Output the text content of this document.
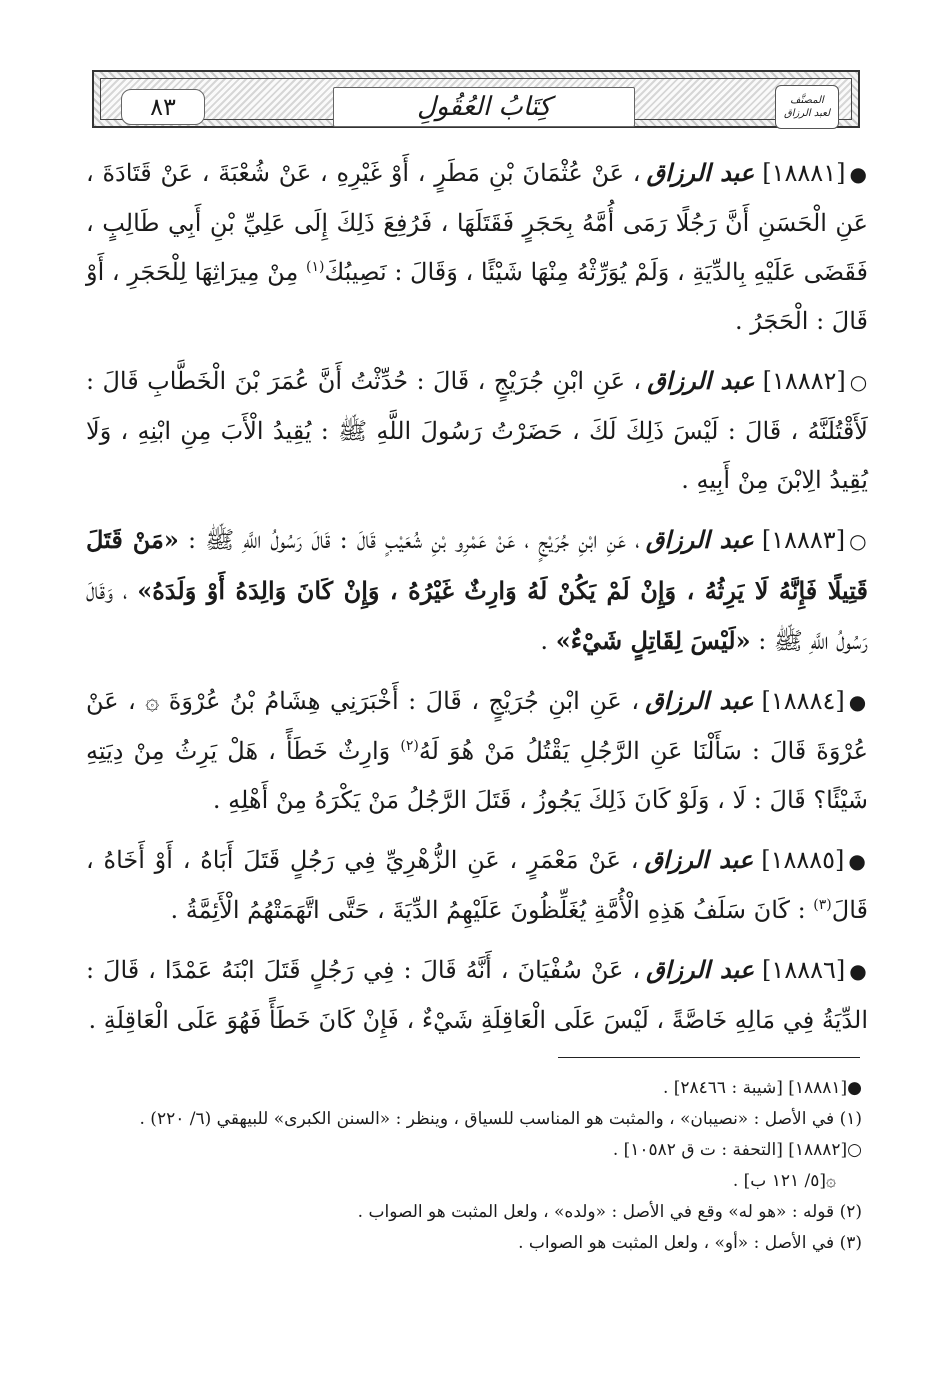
٨٣	كِتَابُ العُقُولِ	المصنَّف
لعبد الرزاق

●[١٨٨٨١]عبد الرزاق، عَنْ عُثْمَانَ بْنِ مَطَرٍ ، أَوْ غَيْرِهِ ، عَنْ شُعْبَةَ ، عَنْ قَتَادَةَ ، عَنِ الْحَسَنِ أَنَّ رَجُلًا رَمَى أُمَّهُ بِحَجَرٍ فَقَتَلَهَا ، فَرُفِعَ ذَلِكَ إِلَى عَلِيِّ بْنِ أَبِي طَالِبٍ ، فَقَضَى عَلَيْهِ بِالدِّيَةِ ، وَلَمْ يُوَرِّثْهُ مِنْهَا شَيْئًا ، وَقَالَ : نَصِيبُكَ$^{(١)}$ مِنْ مِيرَاثِهَا لِلْحَجَرِ ، أَوْ قَالَ : الْحَجَرُ .

○[١٨٨٨٢]عبد الرزاق، عَنِ ابْنِ جُرَيْجٍ ، قَالَ : حُدِّثْتُ أَنَّ عُمَرَ بْنَ الْخَطَّابِ قَالَ : لَأَقْتُلَنَّهُ ، قَالَ : لَيْسَ ذَلِكَ لَكَ ، حَضَرْتُ رَسُولَ اللَّهِ ﷺ : يُقِيدُ الْأَبَ مِنِ ابْنِهِ ، وَلَا يُقِيدُ الِابْنَ مِنْ أَبِيهِ .

○[١٨٨٨٣]عبد الرزاق، عَنِ ابْنِ جُرَيْجٍ ، عَنْ عَمْرِو بْنِ شُعَيْبٍ قَالَ : قَالَ رَسُولُ اللَّهِ ﷺ : «مَنْ قَتَلَ قَتِيلًا فَإِنَّهُ لَا يَرِثُهُ ، وَإِنْ لَمْ يَكُنْ لَهُ وَارِثٌ غَيْرُهُ ، وَإِنْ كَانَ وَالِدَهُ أَوْ وَلَدَهُ» ، وَقَالَ رَسُولُ اللَّهِ ﷺ : «لَيْسَ لِقَاتِلٍ شَيْءٌ» .

●[١٨٨٨٤]عبد الرزاق، عَنِ ابْنِ جُرَيْجٍ ، قَالَ : أَخْبَرَنِي هِشَامُ بْنُ عُرْوَةَ ۞ ، عَنْ عُرْوَةَ قَالَ : سَأَلْنَا عَنِ الرَّجُلِ يَقْتُلُ مَنْ هُوَ لَهُ$^{(٢)}$ وَارِثٌ خَطَأً ، هَلْ يَرِثُ مِنْ دِيَتِهِ شَيْئًا؟ قَالَ : لَا ، وَلَوْ كَانَ ذَلِكَ يَجُوزُ ، قَتَلَ الرَّجُلُ مَنْ يَكْرَهُ مِنْ أَهْلِهِ .

●[١٨٨٨٥]عبد الرزاق، عَنْ مَعْمَرٍ ، عَنِ الزُّهْرِيِّ فِي رَجُلٍ قَتَلَ أَبَاهُ ، أَوْ أَخَاهُ ، قَالَ$^{(٣)}$ : كَانَ سَلَفُ هَذِهِ الْأُمَّةِ يُغَلِّظُونَ عَلَيْهِمُ الدِّيَةَ ، حَتَّى اتَّهَمَتْهُمُ الْأَئِمَّةُ .

●[١٨٨٨٦]عبد الرزاق، عَنْ سُفْيَانَ ، أَنَّهُ قَالَ : فِي رَجُلٍ قَتَلَ ابْنَهُ عَمْدًا ، قَالَ : الدِّيَةُ فِي مَالِهِ خَاصَّةً ، لَيْسَ عَلَى الْعَاقِلَةِ شَيْءٌ ، فَإِنْ كَانَ خَطَأً فَهُوَ عَلَى الْعَاقِلَةِ .

●[١٨٨٨١] [شيبة : ٢٨٤٦٦] .

(١) في الأصل : «نصيبان» ، والمثبت هو المناسب للسياق ، وينظر : «السنن الكبرى» للبيهقي (٦/ ٢٢٠) .

○[١٨٨٨٢] [التحفة : ت ق ١٠٥٨٢] .

۞[٥/ ١٢١ ب] .

(٢) قوله : «هو له» وقع في الأصل : «ولده» ، ولعل المثبت هو الصواب .

(٣) في الأصل : «أو» ، ولعل المثبت هو الصواب .
